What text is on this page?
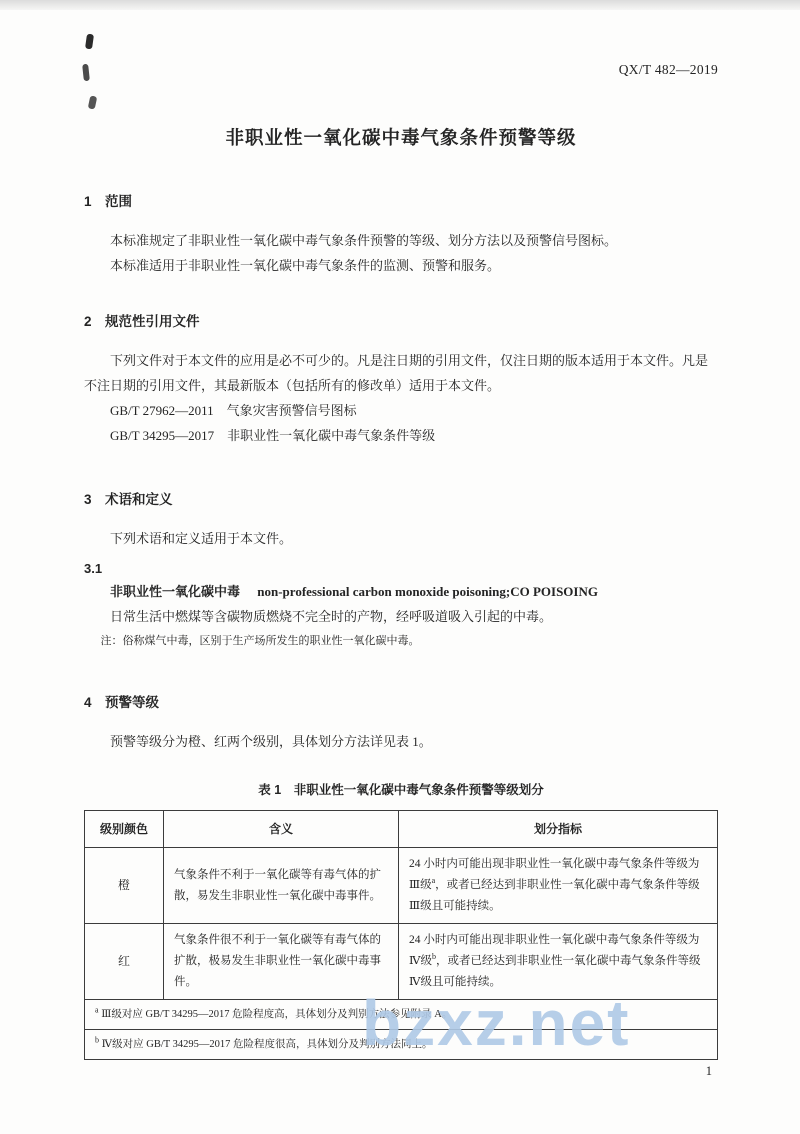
QX/T 482—2019
非职业性一氧化碳中毒气象条件预警等级
1　范围

本标准规定了非职业性一氧化碳中毒气象条件预警的等级、划分方法以及预警信号图标。

本标准适用于非职业性一氧化碳中毒气象条件的监测、预警和服务。

2　规范性引用文件

下列文件对于本文件的应用是必不可少的。凡是注日期的引用文件，仅注日期的版本适用于本文件。凡是不注日期的引用文件，其最新版本（包括所有的修改单）适用于本文件。

GB/T 27962—2011　气象灾害预警信号图标

GB/T 34295—2017　非职业性一氧化碳中毒气象条件等级

3　术语和定义

下列术语和定义适用于本文件。

3.1

非职业性一氧化碳中毒 non-professional carbon monoxide poisoning;CO POISOING

日常生活中燃煤等含碳物质燃烧不完全时的产物，经呼吸道吸入引起的中毒。

注：俗称煤气中毒，区别于生产场所发生的职业性一氧化碳中毒。

4　预警等级

预警等级分为橙、红两个级别，具体划分方法详见表 1。

表 1　非职业性一氧化碳中毒气象条件预警等级划分
级别颜色	含义	划分指标
橙	气象条件不利于一氧化碳等有毒气体的扩散，易发生非职业性一氧化碳中毒事件。	24 小时内可能出现非职业性一氧化碳中毒气象条件等级为Ⅲ级$^a$，或者已经达到非职业性一氧化碳中毒气象条件等级Ⅲ级且可能持续。
红	气象条件很不利于一氧化碳等有毒气体的扩散，极易发生非职业性一氧化碳中毒事件。	24 小时内可能出现非职业性一氧化碳中毒气象条件等级为Ⅳ级$^b$，或者已经达到非职业性一氧化碳中毒气象条件等级Ⅳ级且可能持续。
$^a$ Ⅲ级对应 GB/T 34295—2017 危险程度高，具体划分及判别方法参见附录 A。		
$^b$ Ⅳ级对应 GB/T 34295—2017 危险程度很高，具体划分及判别方法同上。		
bzxz.net
1
